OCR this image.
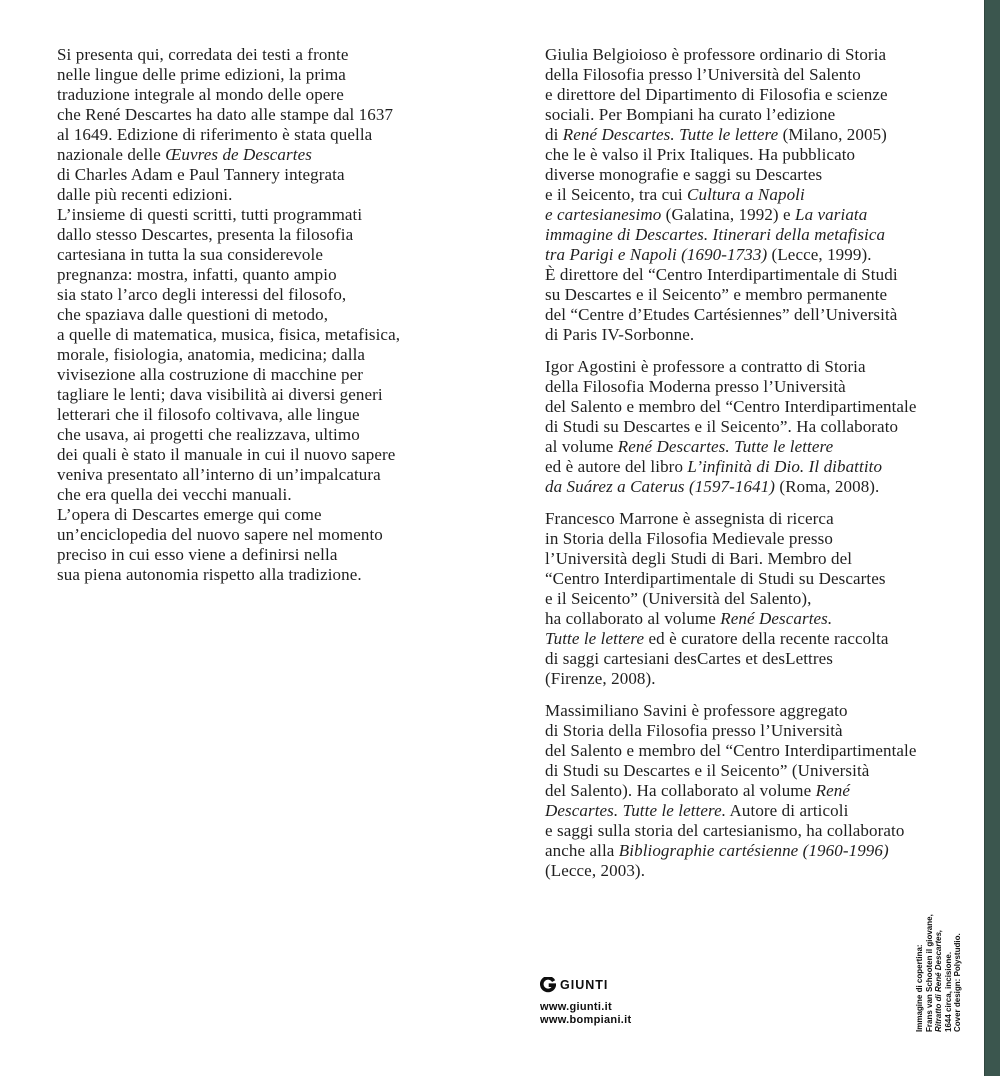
Si presenta qui, corredata dei testi a fronte
nelle lingue delle prime edizioni, la prima
traduzione integrale al mondo delle opere
che René Descartes ha dato alle stampe dal 1637
al 1649. Edizione di riferimento è stata quella
nazionale delle Œuvres de Descartes
di Charles Adam e Paul Tannery integrata
dalle più recenti edizioni.
L’insieme di questi scritti, tutti programmati
dallo stesso Descartes, presenta la filosofia
cartesiana in tutta la sua considerevole
pregnanza: mostra, infatti, quanto ampio
sia stato l’arco degli interessi del filosofo,
che spaziava dalle questioni di metodo,
a quelle di matematica, musica, fisica, metafisica,
morale, fisiologia, anatomia, medicina; dalla
vivisezione alla costruzione di macchine per
tagliare le lenti; dava visibilità ai diversi generi
letterari che il filosofo coltivava, alle lingue
che usava, ai progetti che realizzava, ultimo
dei quali è stato il manuale in cui il nuovo sapere
veniva presentato all’interno di un’impalcatura
che era quella dei vecchi manuali.
L’opera di Descartes emerge qui come
un’enciclopedia del nuovo sapere nel momento
preciso in cui esso viene a definirsi nella
sua piena autonomia rispetto alla tradizione.
Giulia Belgioioso è professore ordinario di Storia
della Filosofia presso l’Università del Salento
e direttore del Dipartimento di Filosofia e scienze
sociali. Per Bompiani ha curato l’edizione
di René Descartes. Tutte le lettere (Milano, 2005)
che le è valso il Prix Italiques. Ha pubblicato
diverse monografie e saggi su Descartes
e il Seicento, tra cui Cultura a Napoli
e cartesianesimo (Galatina, 1992) e La variata
immagine di Descartes. Itinerari della metafisica
tra Parigi e Napoli (1690-1733) (Lecce, 1999).
È direttore del “Centro Interdipartimentale di Studi
su Descartes e il Seicento” e membro permanente
del “Centre d’Etudes Cartésiennes” dell’Università
di Paris IV-Sorbonne.
Igor Agostini è professore a contratto di Storia
della Filosofia Moderna presso l’Università
del Salento e membro del “Centro Interdipartimentale
di Studi su Descartes e il Seicento”. Ha collaborato
al volume René Descartes. Tutte le lettere
ed è autore del libro L’infinità di Dio. Il dibattito
da Suárez a Caterus (1597-1641) (Roma, 2008).
Francesco Marrone è assegnista di ricerca
in Storia della Filosofia Medievale presso
l’Università degli Studi di Bari. Membro del
“Centro Interdipartimentale di Studi su Descartes
e il Seicento” (Università del Salento),
ha collaborato al volume René Descartes.
Tutte le lettere ed è curatore della recente raccolta
di saggi cartesiani desCartes et desLettres
(Firenze, 2008).
Massimiliano Savini è professore aggregato
di Storia della Filosofia presso l’Università
del Salento e membro del “Centro Interdipartimentale
di Studi su Descartes e il Seicento” (Università
del Salento). Ha collaborato al volume René
Descartes. Tutte le lettere. Autore di articoli
e saggi sulla storia del cartesianismo, ha collaborato
anche alla Bibliographie cartésienne (1960-1996)
(Lecce, 2003).
GIUNTI
www.giunti.it
www.bompiani.it	Immagine di copertina: Frans van Schooten il giovane, Ritratto di René Descartes, 1644 circa, incisione. Cover design: Polystudio.
